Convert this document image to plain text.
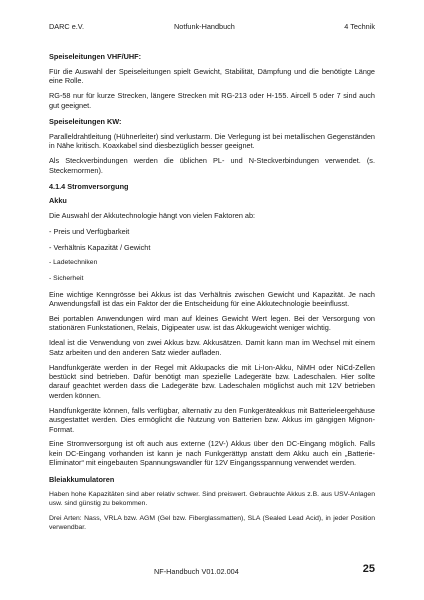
DARC e.V.	Notfunk-Handbuch	4 Technik
Speiseleitungen VHF/UHF:

Für die Auswahl der Speiseleitungen spielt Gewicht, Stabilität, Dämpfung und die benötigte Länge eine Rolle.

RG-58 nur für kurze Strecken, längere Strecken mit RG-213 oder H-155. Aircell 5 oder 7 sind auch gut geeignet.

Speiseleitungen KW:

Paralleldrahtleitung (Hühnerleiter) sind verlustarm. Die Verlegung ist bei metallischen Gegenständen in Nähe kritisch. Koaxkabel sind diesbezüglich besser geeignet.

Als Steckverbindungen werden die üblichen PL- und N-Steckverbindungen verwendet. (s. Steckernormen).

4.1.4 Stromversorgung
Akku

Die Auswahl der Akkutechnologie hängt von vielen Faktoren ab:

- Preis und Verfügbarkeit
- Verhältnis Kapazität / Gewicht
- Ladetechniken
- Sicherheit

Eine wichtige Kenngrösse bei Akkus ist das Verhältnis zwischen Gewicht und Kapazität. Je nach Anwendungsfall ist das ein Faktor der die Entscheidung für eine Akkutechnologie beeinflusst.

Bei portablen Anwendungen wird man auf kleines Gewicht Wert legen. Bei der Versorgung von stationären Funkstationen, Relais, Digipeater usw. ist das Akkugewicht weniger wichtig.

Ideal ist die Verwendung von zwei Akkus bzw. Akkusätzen. Damit kann man im Wechsel mit einem Satz arbeiten und den anderen Satz wieder aufladen.

Handfunkgeräte werden in der Regel mit Akkupacks die mit Li-Ion-Akku, NiMH oder NiCd-Zellen bestückt sind betrieben. Dafür benötigt man spezielle Ladegeräte bzw. Ladeschalen. Hier sollte darauf geachtet werden dass die Ladegeräte bzw. Ladeschalen möglichst auch mit 12V betrieben werden können.

Handfunkgeräte können, falls verfügbar, alternativ zu den Funkgeräteakkus mit Batterieleergehäuse ausgestattet werden. Dies ermöglicht die Nutzung von Batterien bzw. Akkus im gängigen Mignon-Format.

Eine Stromversorgung ist oft auch aus externe (12V-) Akkus über den DC-Eingang möglich. Falls kein DC-Eingang vorhanden ist kann je nach Funkgerättyp anstatt dem Akku auch ein „Batterie-Eliminator“ mit eingebauten Spannungswandler für 12V Eingangsspannung verwendet werden.

Bleiakkumulatoren

Haben hohe Kapazitäten sind aber relativ schwer. Sind preiswert. Gebrauchte Akkus z.B. aus USV-Anlagen usw. sind günstig zu bekommen.

Drei Arten: Nass, VRLA bzw. AGM (Gel bzw. Fiberglassmatten), SLA (Sealed Lead Acid), in jeder Position verwendbar.

NF-Handbuch V01.02.004	25
